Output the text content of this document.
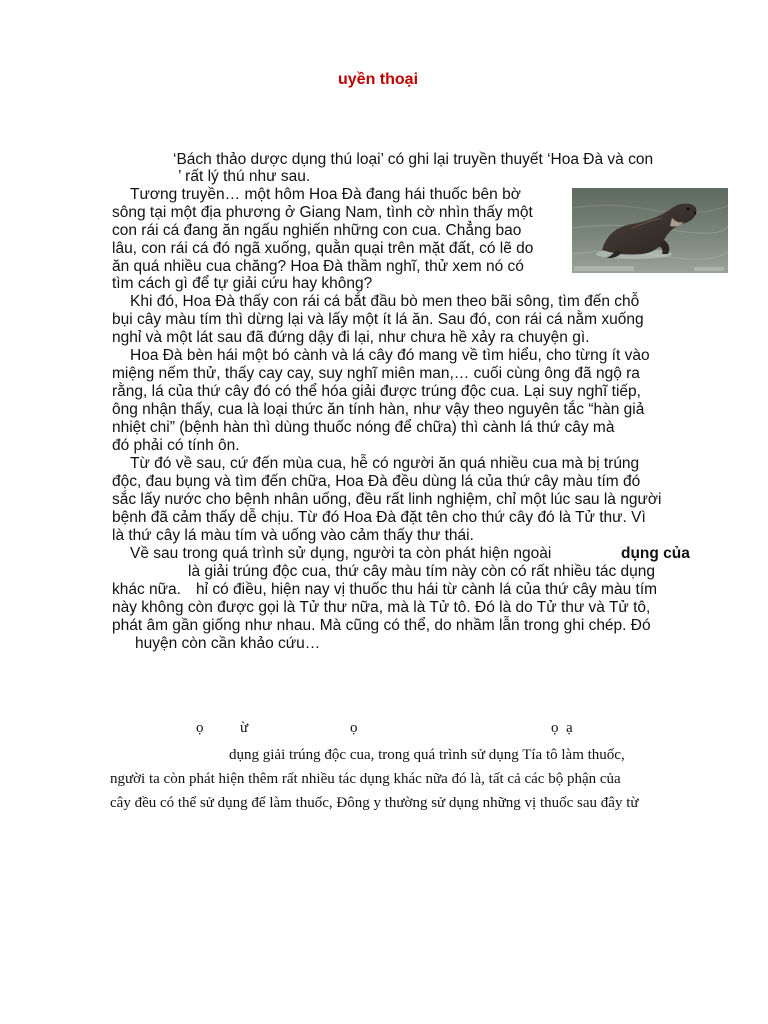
uyền thoại
‘Bách thảo dược dụng thú loại’ có ghi lại truyền thuyết ‘Hoa Đà và con
’ rất lý thú như sau.
Tương truyền… một hôm Hoa Đà đang hái thuốc bên bờ
sông tại một địa phương ở Giang Nam, tình cờ nhìn thấy một
con rái cá đang ăn ngấu nghiến những con cua. Chẳng bao
lâu, con rái cá đó ngã xuống, quằn quại trên mặt đất, có lẽ do
ăn quá nhiều cua chăng? Hoa Đà thầm nghĩ, thử xem nó có
tìm cách gì để tự giải cứu hay không?
Khi đó, Hoa Đà thấy con rái cá bắt đầu bò men theo bãi sông, tìm đến chỗ
bụi cây màu tím thì dừng lại và lấy một ít lá ăn. Sau đó, con rái cá nằm xuống
nghỉ và một lát sau đã đứng dậy đi lại, như chưa hề xảy ra chuyện gì.
Hoa Đà bèn hái một bó cành và lá cây đó mang về tìm hiểu, cho từng ít vào
miệng nếm thử, thấy cay cay, suy nghĩ miên man,… cuối cùng ông đã ngộ ra
rằng, lá của thứ cây đó có thể hóa giải được trúng độc cua. Lại suy nghĩ tiếp,
ông nhận thấy, cua là loại thức ăn tính hàn, như vậy theo nguyên tắc “hàn giả
nhiệt chi” (bệnh hàn thì dùng thuốc nóng để chữa) thì cành lá thứ cây mà
đó phải có tính ôn.
Từ đó về sau, cứ đến mùa cua, hễ có người ăn quá nhiều cua mà bị trúng
độc, đau bụng và tìm đến chữa, Hoa Đà đều dùng lá của thứ cây màu tím đó
sắc lấy nước cho bệnh nhân uống, đều rất linh nghiệm, chỉ một lúc sau là người
bệnh đã cảm thấy dễ chịu. Từ đó Hoa Đà đặt tên cho thứ cây đó là Tử thư. Vì
là thứ cây lá màu tím và uống vào cảm thấy thư thái.
Về sau trong quá trình sử dụng, người ta còn phát hiện ngoài	dụng của
là giải trúng độc cua, thứ cây màu tím này còn có rất nhiều tác dụng
khác nữa. hỉ có điều, hiện nay vị thuốc thu hái từ cành lá của thứ cây màu tím
này không còn được gọi là Tử thư nữa, mà là Tử tô. Đó là do Tử thư và Tử tô,
phát âm gần giống như nhau. Mà cũng có thể, do nhầm lẫn trong ghi chép. Đó
huyện còn cần khảo cứu…
ọ ừ	ọ	ọ ạ
dụng giải trúng độc cua, trong quá trình sử dụng Tía tô làm thuốc,
người ta còn phát hiện thêm rất nhiều tác dụng khác nữa đó là, tất cả các bộ phận của
cây đều có thể sử dụng để làm thuốc, Đông y thường sử dụng những vị thuốc sau đây từ
